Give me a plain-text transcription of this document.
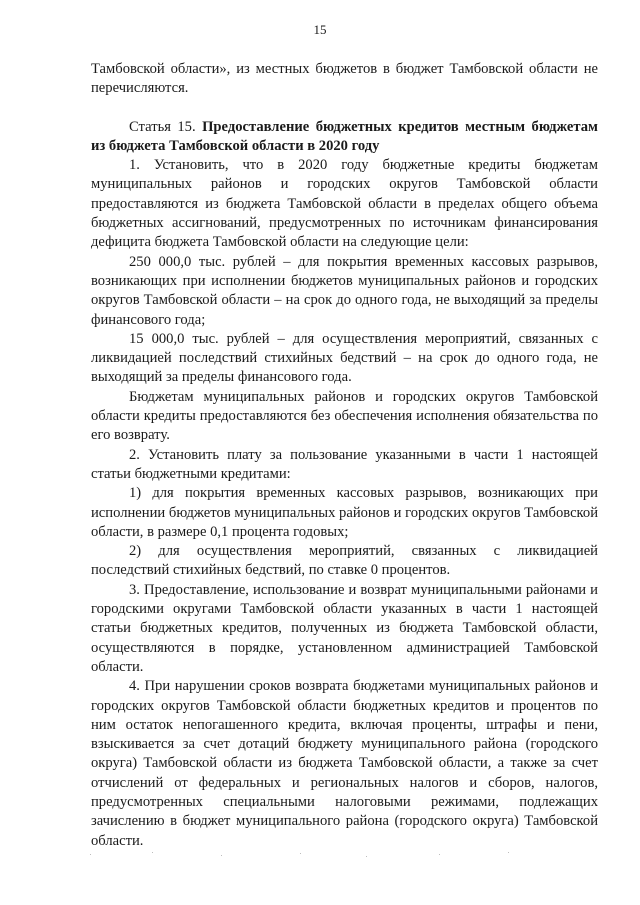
15

Тамбовской области», из местных бюджетов в бюджет Тамбовской области не перечисляются.

Статья 15. Предоставление бюджетных кредитов местным бюджетам из бюджета Тамбовской области в 2020 году

1. Установить, что в 2020 году бюджетные кредиты бюджетам муниципальных районов и городских округов Тамбовской области предоставляются из бюджета Тамбовской области в пределах общего объема бюджетных ассигнований, предусмотренных по источникам финансирования дефицита бюджета Тамбовской области на следующие цели:

250 000,0 тыс. рублей – для покрытия временных кассовых разрывов, возникающих при исполнении бюджетов муниципальных районов и городских округов Тамбовской области – на срок до одного года, не выходящий за пределы финансового года;

15 000,0 тыс. рублей – для осуществления мероприятий, связанных с ликвидацией последствий стихийных бедствий – на срок до одного года, не выходящий за пределы финансового года.

Бюджетам муниципальных районов и городских округов Тамбовской области кредиты предоставляются без обеспечения исполнения обязательства по его возврату.

2. Установить плату за пользование указанными в части 1 настоящей статьи бюджетными кредитами:

1) для покрытия временных кассовых разрывов, возникающих при исполнении бюджетов муниципальных районов и городских округов Тамбовской области, в размере 0,1 процента годовых;

2) для осуществления мероприятий, связанных с ликвидацией последствий стихийных бедствий, по ставке 0 процентов.

3. Предоставление, использование и возврат муниципальными районами и городскими округами Тамбовской области указанных в части 1 настоящей статьи бюджетных кредитов, полученных из бюджета Тамбовской области, осуществляются в порядке, установленном администрацией Тамбовской области.

4. При нарушении сроков возврата бюджетами муниципальных районов и городских округов Тамбовской области бюджетных кредитов и процентов по ним остаток непогашенного кредита, включая проценты, штрафы и пени, взыскивается за счет дотаций бюджету муниципального района (городского округа) Тамбовской области из бюджета Тамбовской области, а также за счет отчислений от федеральных и региональных налогов и сборов, налогов, предусмотренных специальными налоговыми режимами, подлежащих зачислению в бюджет муниципального района (городского округа) Тамбовской области.
